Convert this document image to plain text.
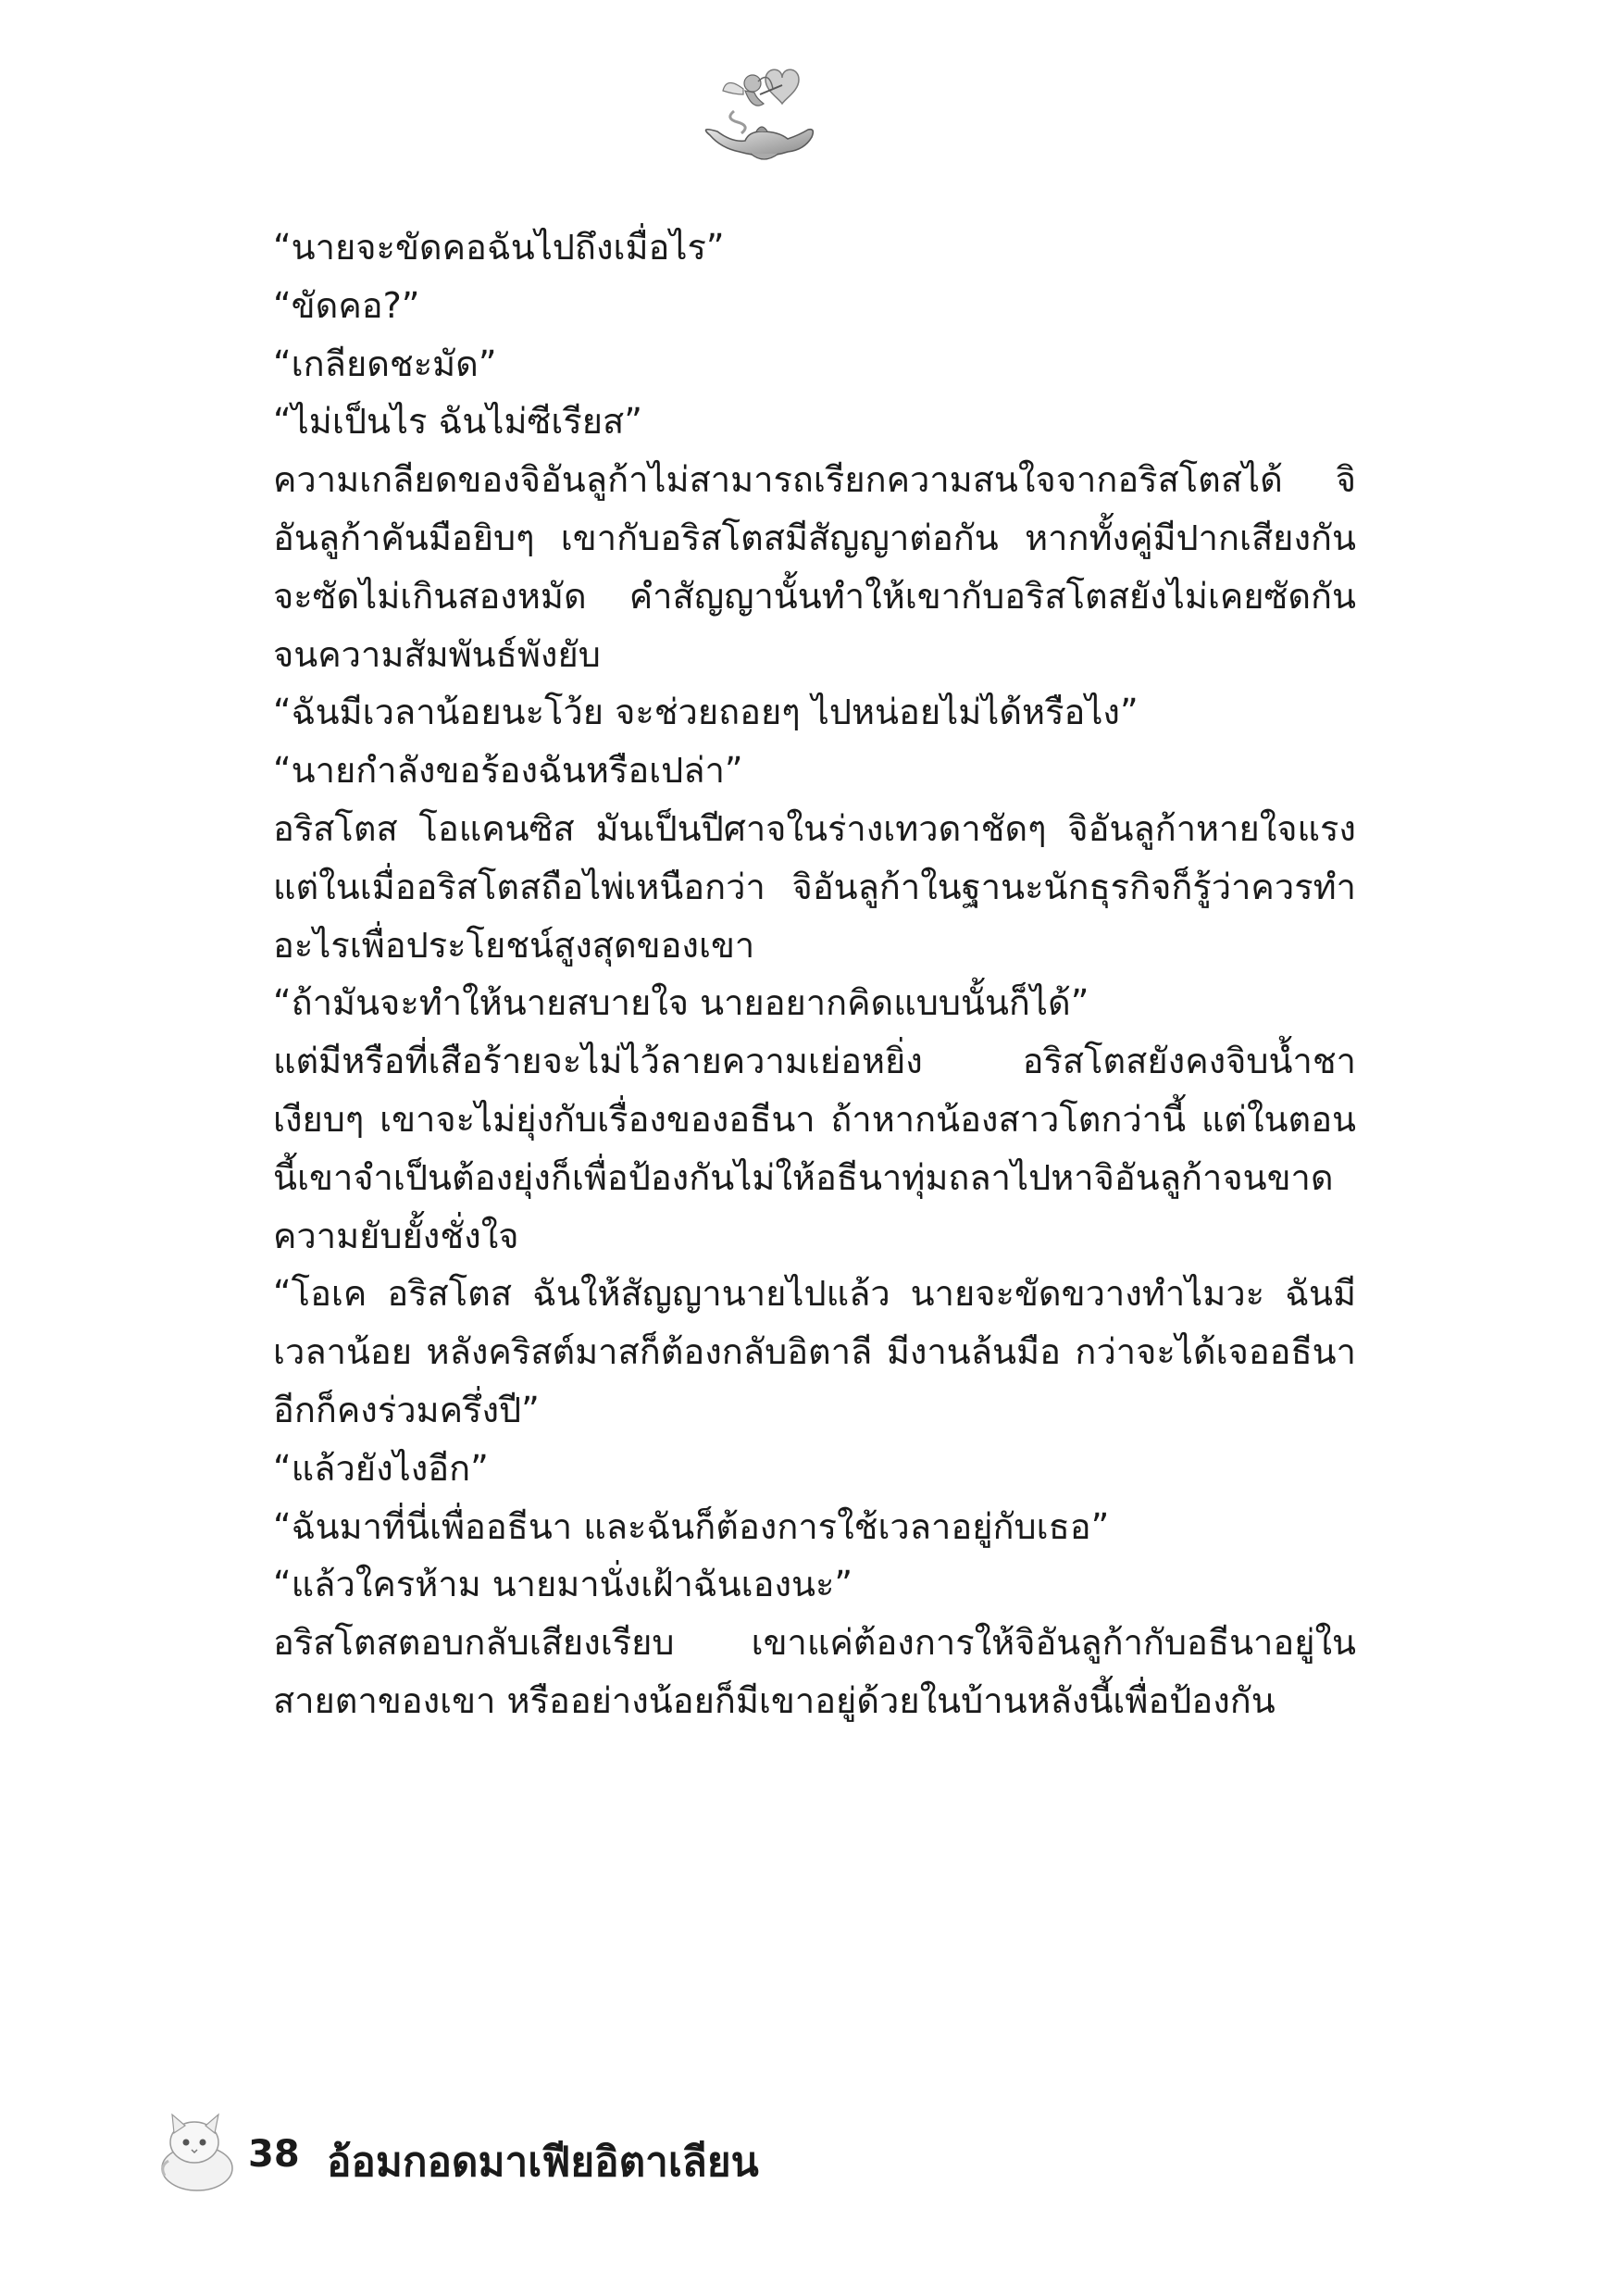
“นายจะขัดคอฉันไปถึงเมื่อไร”

“ขัดคอ?”

“เกลียดชะมัด”

“ไม่เป็นไร ฉันไม่ซีเรียส”

ความเกลียดของจิอันลูก้าไม่สามารถเรียกความสนใจจากอริสโตสได้ จิอันลูก้าคันมือยิบๆ เขากับอริสโตสมีสัญญาต่อกัน หากทั้งคู่มีปากเสียงกันจะซัดไม่เกินสองหมัด คำสัญญานั้นทำให้เขากับอริสโตสยังไม่เคยซัดกันจนความสัมพันธ์พังยับ

“ฉันมีเวลาน้อยนะโว้ย จะช่วยถอยๆ ไปหน่อยไม่ได้หรือไง”

“นายกำลังขอร้องฉันหรือเปล่า”

อริสโตส โอแคนซิส มันเป็นปีศาจในร่างเทวดาชัดๆ จิอันลูก้าหายใจแรง แต่ในเมื่ออริสโตสถือไพ่เหนือกว่า จิอันลูก้าในฐานะนักธุรกิจก็รู้ว่าควรทำอะไรเพื่อประโยชน์สูงสุดของเขา

“ถ้ามันจะทำให้นายสบายใจ นายอยากคิดแบบนั้นก็ได้”

แต่มีหรือที่เสือร้ายจะไม่ไว้ลายความเย่อหยิ่ง อริสโตสยังคงจิบน้ำชาเงียบๆ เขาจะไม่ยุ่งกับเรื่องของอธีนา ถ้าหากน้องสาวโตกว่านี้ แต่ในตอนนี้เขาจำเป็นต้องยุ่งก็เพื่อป้องกันไม่ให้อธีนาทุ่มถลาไปหาจิอันลูก้าจนขาดความยับยั้งชั่งใจ

“โอเค อริสโตส ฉันให้สัญญานายไปแล้ว นายจะขัดขวางทำไมวะ ฉันมีเวลาน้อย หลังคริสต์มาสก็ต้องกลับอิตาลี มีงานล้นมือ กว่าจะได้เจออธีนาอีกก็คงร่วมครึ่งปี”

“แล้วยังไงอีก”

“ฉันมาที่นี่เพื่ออธีนา และฉันก็ต้องการใช้เวลาอยู่กับเธอ”

“แล้วใครห้าม นายมานั่งเฝ้าฉันเองนะ”

อริสโตสตอบกลับเสียงเรียบ เขาแค่ต้องการให้จิอันลูก้ากับอธีนาอยู่ในสายตาของเขา หรืออย่างน้อยก็มีเขาอยู่ด้วยในบ้านหลังนี้เพื่อป้องกัน

38 อ้อมกอดมาเฟียอิตาเลียน
